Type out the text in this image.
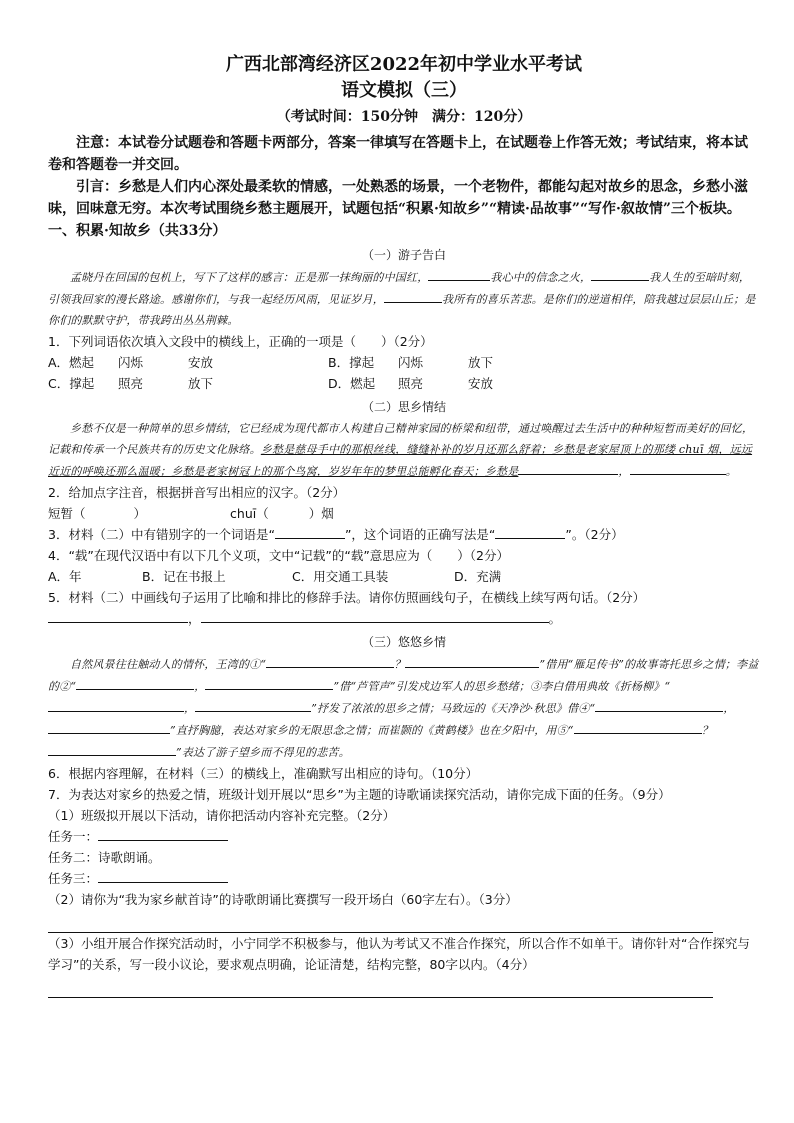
广西北部湾经济区2022年初中学业水平考试

语文模拟（三）

（考试时间：150分钟　满分：120分）

注意：本试卷分试题卷和答题卡两部分，答案一律填写在答题卡上，在试题卷上作答无效；考试结束，将本试卷和答题卷一并交回。

引言：乡愁是人们内心深处最柔软的情感，一处熟悉的场景，一个老物件，都能勾起对故乡的思念，乡愁小滋味，回味意无穷。本次考试围绕乡愁主题展开，试题包括“积累·知故乡”“精读·品故事”“写作·叙故情”三个板块。

一、积累·知故乡（共33分）

（一）游子告白

孟晓丹在回国的包机上，写下了这样的感言：正是那一抹绚丽的中国红，	我心中的信念之火，	我人生的至暗时刻，引领我回家的漫长路途。感谢你们，与我一起经历风雨，见证岁月，	我所有的喜乐苦悲。是你们的逆道相伴，陪我越过层层山丘；是你们的默默守护，带我跨出丛丛荆棘。

1．下列词语依次填入文段中的横线上，正确的一项是（　　）（2分）

A．燃起	闪烁	安放	B．撑起	闪烁	放下
C．撑起	照亮	放下	D．燃起	照亮	安放

（二）思乡情结

乡愁不仅是一种简单的思乡情结，它已经成为现代都市人构建自己精神家园的桥梁和纽带，通过唤醒过去生活中的种种短暂而美好的回忆，记载和传承一个民族共有的历史文化脉络。乡愁是慈母手中的那根丝线，缝缝补补的岁月还那么舒着；乡愁是老家屋顶上的那缕 chuī 烟，远远近近的呼唤还那么温暖；乡愁是老家树冠上的那个鸟窝，岁岁年年的梦里总能孵化春天；乡愁是	，	。

2．给加点字注音，根据拼音写出相应的汉字。（2分）

短暂（	）	chuī（	）烟

3．材料（二）中有错别字的一个词语是“	”，这个词语的正确写法是“	”。（2分）

4．“载”在现代汉语中有以下几个义项，文中“记载”的“载”意思应为（　　）（2分）

A．年	B．记在书报上	C．用交通工具装	D．充满

5．材料（二）中画线句子运用了比喻和排比的修辞手法。请你仿照画线句子，在横线上续写两句话。（2分）

，	。

（三）悠悠乡情

自然风景往往触动人的情怀，王湾的①“	？	”借用“雁足传书”的故事寄托思乡之情；李益的②“	，	”借“芦管声”引发戍边军人的思乡愁绪；③李白借用典故《折杨柳》“，	”抒发了浓浓的思乡之情；马致远的《天净沙·秋思》借④“	，”直抒胸臆，表达对家乡的无限思念之情；而崔颢的《黄鹤楼》也在夕阳中，用⑤“	？”表达了游子望乡而不得见的悲苦。

6．根据内容理解，在材料（三）的横线上，准确默写出相应的诗句。（10分）

7．为表达对家乡的热爱之情，班级计划开展以“思乡”为主题的诗歌诵读探究活动，请你完成下面的任务。（9分）

（1）班级拟开展以下活动，请你把活动内容补充完整。（2分）

任务一：

任务二：诗歌朗诵。

任务三：

（2）请你为“我为家乡献首诗”的诗歌朗诵比赛撰写一段开场白（60字左右）。（3分）

（3）小组开展合作探究活动时，小宁同学不积极参与，他认为考试又不准合作探究，所以合作不如单干。请你针对“合作探究与学习”的关系，写一段小议论，要求观点明确，论证清楚，结构完整，80字以内。（4分）
